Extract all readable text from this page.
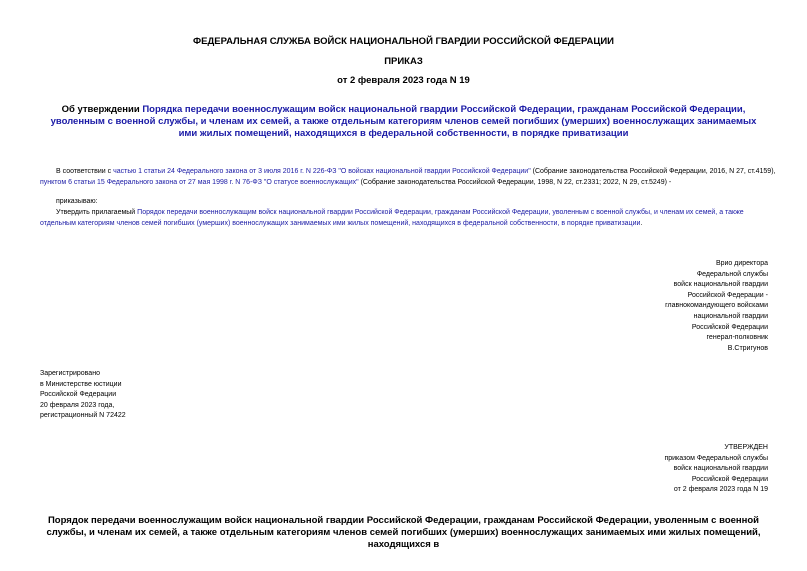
ФЕДЕРАЛЬНАЯ СЛУЖБА ВОЙСК НАЦИОНАЛЬНОЙ ГВАРДИИ РОССИЙСКОЙ ФЕДЕРАЦИИ
ПРИКАЗ
от 2 февраля 2023 года N 19
Об утверждении Порядка передачи военнослужащим войск национальной гвардии Российской Федерации, гражданам Российской Федерации, уволенным с военной службы, и членам их семей, а также отдельным категориям членов семей погибших (умерших) военнослужащих занимаемых ими жилых помещений, находящихся в федеральной собственности, в порядке приватизации
В соответствии с частью 1 статьи 24 Федерального закона от 3 июля 2016 г. N 226-ФЗ "О войсках национальной гвардии Российской Федерации" (Собрание законодательства Российской Федерации, 2016, N 27, ст.4159), пунктом 6 статьи 15 Федерального закона от 27 мая 1998 г. N 76-ФЗ "О статусе военнослужащих" (Собрание законодательства Российской Федерации, 1998, N 22, ст.2331; 2022, N 29, ст.5249) -
приказываю:
Утвердить прилагаемый Порядок передачи военнослужащим войск национальной гвардии Российской Федерации, гражданам Российской Федерации, уволенным с военной службы, и членам их семей, а также отдельным категориям членов семей погибших (умерших) военнослужащих занимаемых ими жилых помещений, находящихся в федеральной собственности, в порядке приватизации.
Врио директора
Федеральной службы
войск национальной гвардии
Российской Федерации -
главнокомандующего войсками
национальной гвардии
Российской Федерации
генерал-полковник
В.Стригунов
Зарегистрировано
в Министерстве юстиции
Российской Федерации
20 февраля 2023 года,
регистрационный N 72422
УТВЕРЖДЕН
приказом Федеральной службы
войск национальной гвардии
Российской Федерации
от 2 февраля 2023 года N 19
Порядок передачи военнослужащим войск национальной гвардии Российской Федерации, гражданам Российской Федерации, уволенным с военной службы, и членам их семей, а также отдельным категориям членов семей погибших (умерших) военнослужащих занимаемых ими жилых помещений, находящихся в
